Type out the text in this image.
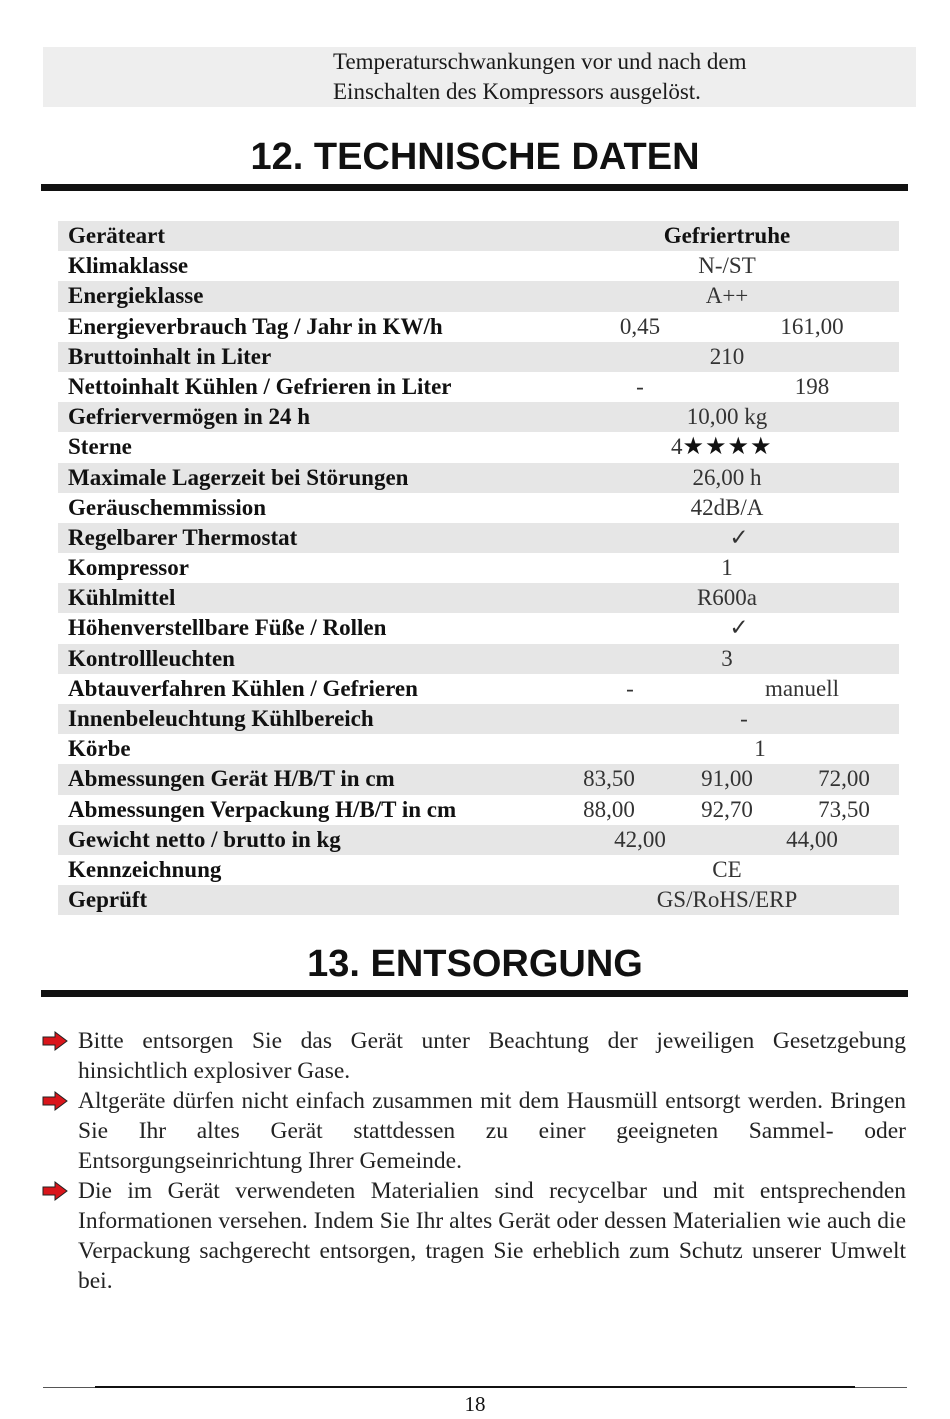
Temperaturschwankungen vor und nach dem
Einschalten des Kompressors ausgelöst.
12. TECHNISCHE DATEN
Geräteart	Gefriertruhe
Klimaklasse	N-/ST
Energieklasse	A++
Energieverbrauch Tag / Jahr in KW/h	0,45	161,00
Bruttoinhalt in Liter	210
Nettoinhalt Kühlen / Gefrieren in Liter	-	198
Gefriervermögen in 24 h	10,00 kg
Sterne	4★★★★
Maximale Lagerzeit bei Störungen	26,00 h
Geräuschemmission	42dB/A
Regelbarer Thermostat	✓
Kompressor	1
Kühlmittel	R600a
Höhenverstellbare Füße / Rollen	✓
Kontrollleuchten	3
Abtauverfahren Kühlen / Gefrieren	-	manuell
Innenbeleuchtung Kühlbereich	-
Körbe	1
Abmessungen Gerät H/B/T in cm	83,50	91,00	72,00
Abmessungen Verpackung H/B/T in cm	88,00	92,70	73,50
Gewicht netto / brutto in kg	42,00	44,00
Kennzeichnung	CE
Geprüft	GS/RoHS/ERP
13. ENTSORGUNG
Bitte entsorgen Sie das Gerät unter Beachtung der jeweiligen Gesetzgebung hinsichtlich explosiver Gase.
Altgeräte dürfen nicht einfach zusammen mit dem Hausmüll entsorgt werden. Bringen Sie Ihr altes Gerät stattdessen zu einer geeigneten Sammel- oder Entsorgungseinrichtung Ihrer Gemeinde.
Die im Gerät verwendeten Materialien sind recycelbar und mit entsprechenden Informationen versehen. Indem Sie Ihr altes Gerät oder dessen Materialien wie auch die Verpackung sachgerecht entsorgen, tragen Sie erheblich zum Schutz unserer Umwelt bei.
18
